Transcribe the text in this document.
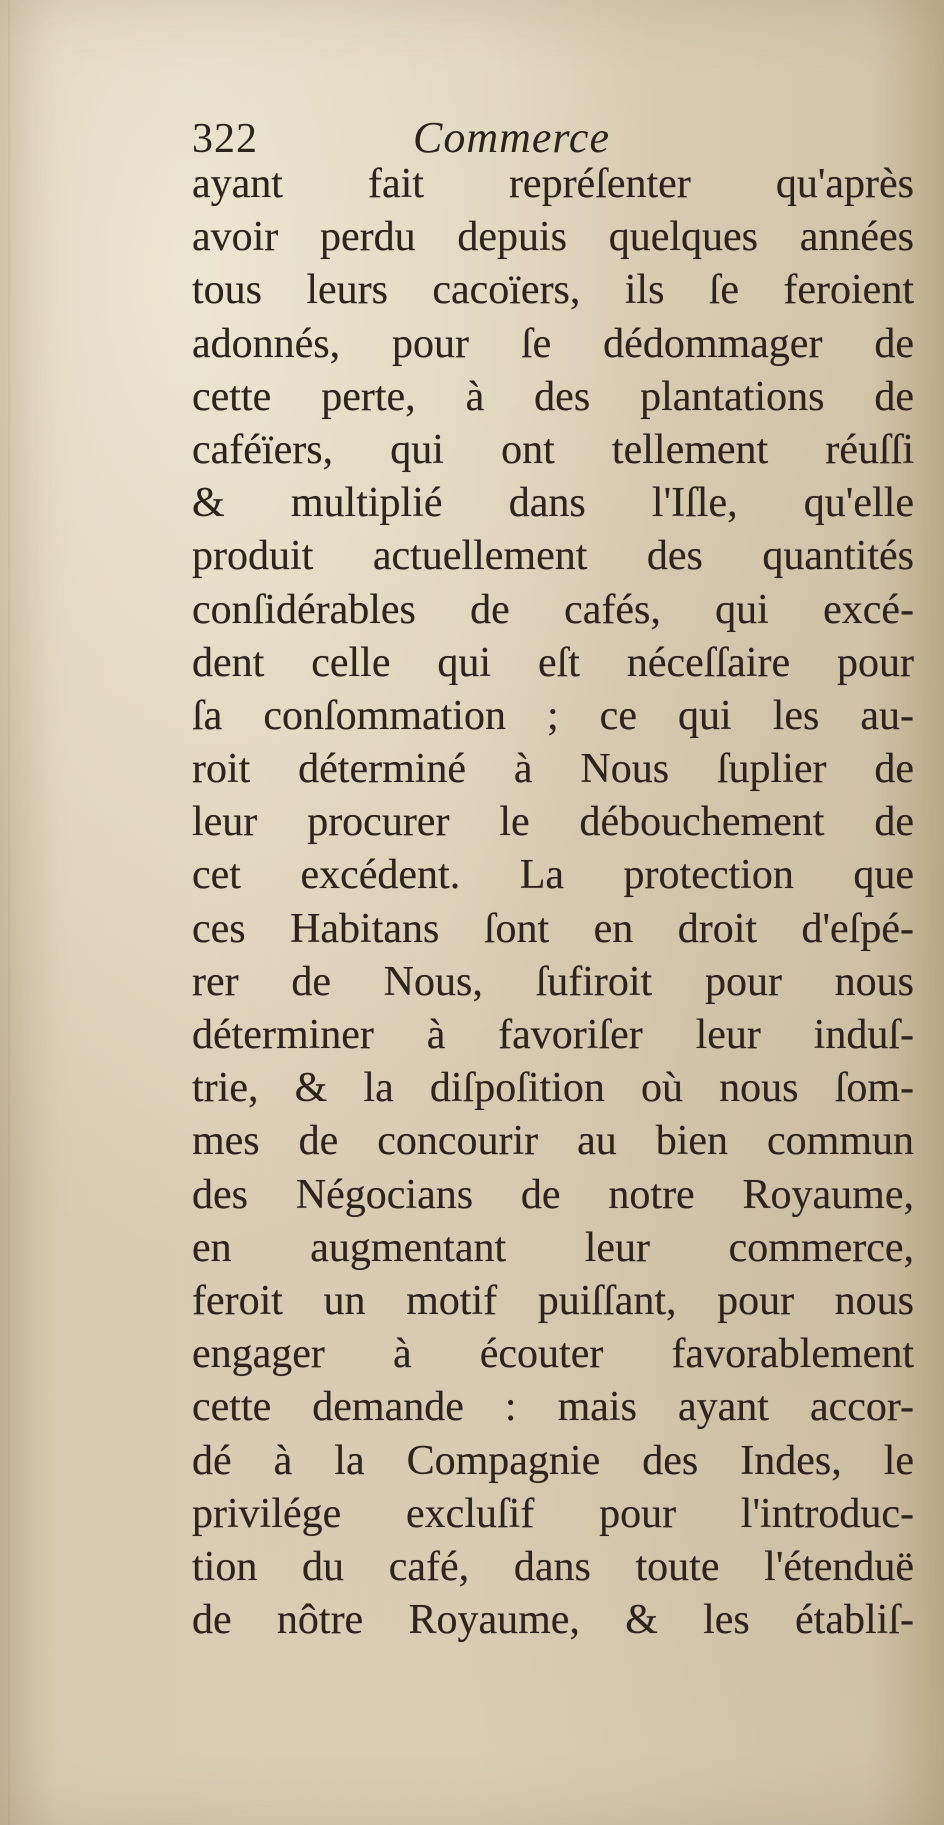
322	Commerce
ayant fait repréſenter qu'après
avoir perdu depuis quelques années
tous leurs cacoïers, ils ſe feroient
adonnés, pour ſe dédommager de
cette perte, à des plantations de
caféïers, qui ont tellement réuſſi
& multiplié dans l'Iſle, qu'elle
produit actuellement des quantités
conſidérables de cafés, qui excé-
dent celle qui eſt néceſſaire pour
ſa conſommation ; ce qui les au-
roit déterminé à Nous ſuplier de
leur procurer le débouchement de
cet excédent. La protection que
ces Habitans ſont en droit d'eſpé-
rer de Nous, ſufiroit pour nous
déterminer à favoriſer leur induſ-
trie, & la diſpoſition où nous ſom-
mes de concourir au bien commun
des Négocians de notre Royaume,
en augmentant leur commerce,
feroit un motif puiſſant, pour nous
engager à écouter favorablement
cette demande : mais ayant accor-
dé à la Compagnie des Indes, le
privilége excluſif pour l'introduc-
tion du café, dans toute l'étenduë
de nôtre Royaume, & les établiſ-
